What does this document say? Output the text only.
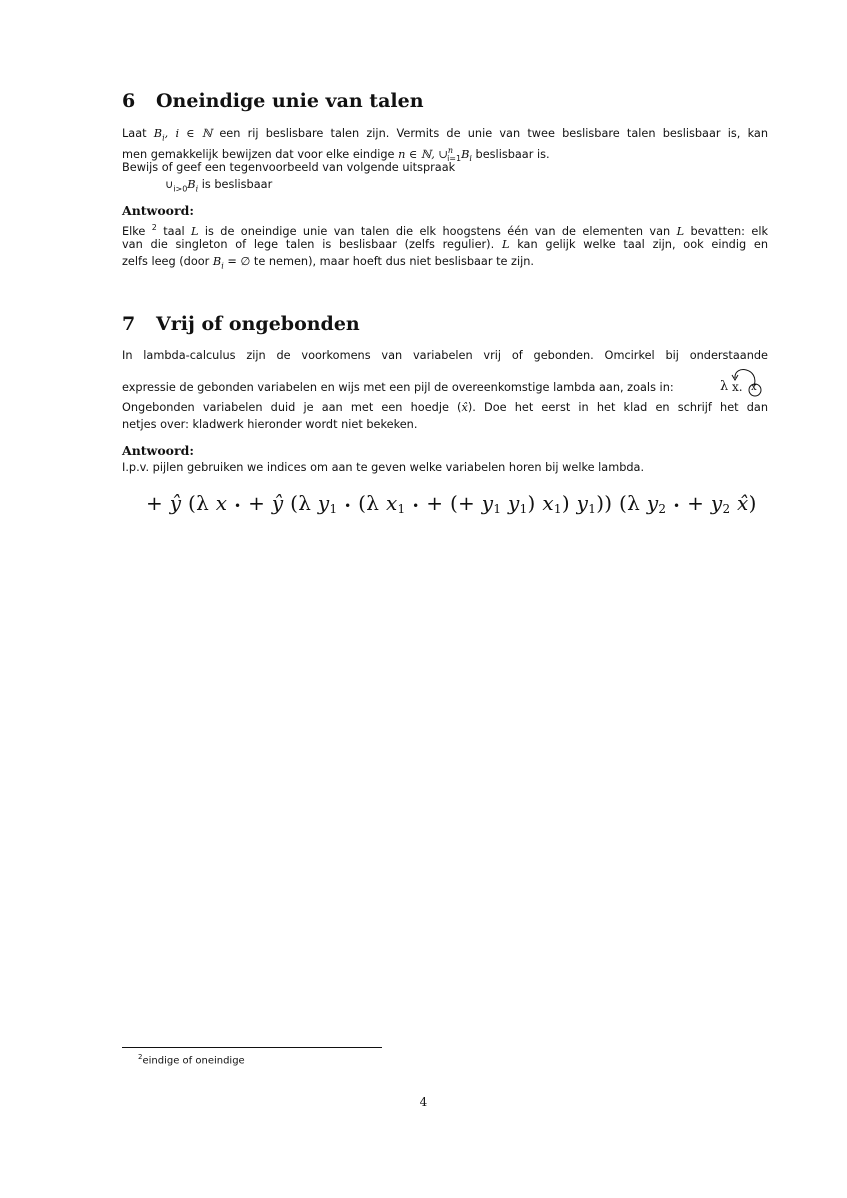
6 Oneindige unie van talen
Laat $B_i$, i ∈ ℕ een rij beslisbare talen zijn. Vermits de unie van twee beslisbare talen beslisbaar is, kan
men gemakkelijk bewijzen dat voor elke eindige n ∈ ℕ, $\cup^n_{i=1}B_i$ beslisbaar is.
Bewijs of geef een tegenvoorbeeld van volgende uitspraak
$\cup_{i>0}B_i$ is beslisbaar
Antwoord:
Elke $^2$ taal L is de oneindige unie van talen die elk hoogstens één van de elementen van L bevatten: elk
van die singleton of lege talen is beslisbaar (zelfs regulier). L kan gelijk welke taal zijn, ook eindig en
zelfs leeg (door $B_i$ = ∅ te nemen), maar hoeft dus niet beslisbaar te zijn.
7 Vrij of ongebonden
In lambda-calculus zijn de voorkomens van variabelen vrij of gebonden. Omcirkel bij onderstaande
expressie de gebonden variabelen en wijs met een pijl de overeenkomstige lambda aan, zoals in:	λ x. x
Ongebonden variabelen duid je aan met een hoedje (x̂). Doe het eerst in het klad en schrijf het dan
netjes over: kladwerk hieronder wordt niet bekeken.
Antwoord:
I.p.v. pijlen gebruiken we indices om aan te geven welke variabelen horen bij welke lambda.
+ ŷ (λ x • + ŷ (λ $y_1$ • (λ $x_1$ • + (+ $y_1$ $y_1$) $x_1$) $y_1$)) (λ $y_2$ • + $y_2$ x̂)
$^2$eindige of oneindige
4
